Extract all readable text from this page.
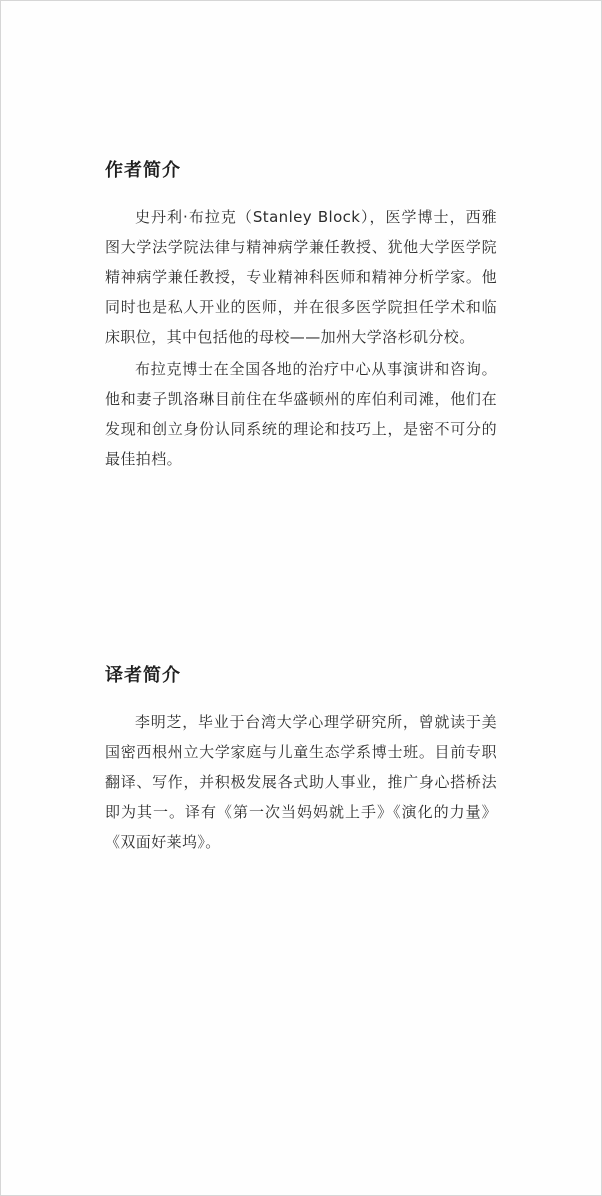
作者简介

史丹利·布拉克（Stanley Block），医学博士，西雅图大学法学院法律与精神病学兼任教授、犹他大学医学院精神病学兼任教授，专业精神科医师和精神分析学家。他同时也是私人开业的医师，并在很多医学院担任学术和临床职位，其中包括他的母校——加州大学洛杉矶分校。

布拉克博士在全国各地的治疗中心从事演讲和咨询。他和妻子凯洛琳目前住在华盛顿州的库伯利司滩，他们在发现和创立身份认同系统的理论和技巧上，是密不可分的最佳拍档。

译者简介

李明芝，毕业于台湾大学心理学研究所，曾就读于美国密西根州立大学家庭与儿童生态学系博士班。目前专职翻译、写作，并积极发展各式助人事业，推广身心搭桥法即为其一。译有《第一次当妈妈就上手》《演化的力量》《双面好莱坞》。
